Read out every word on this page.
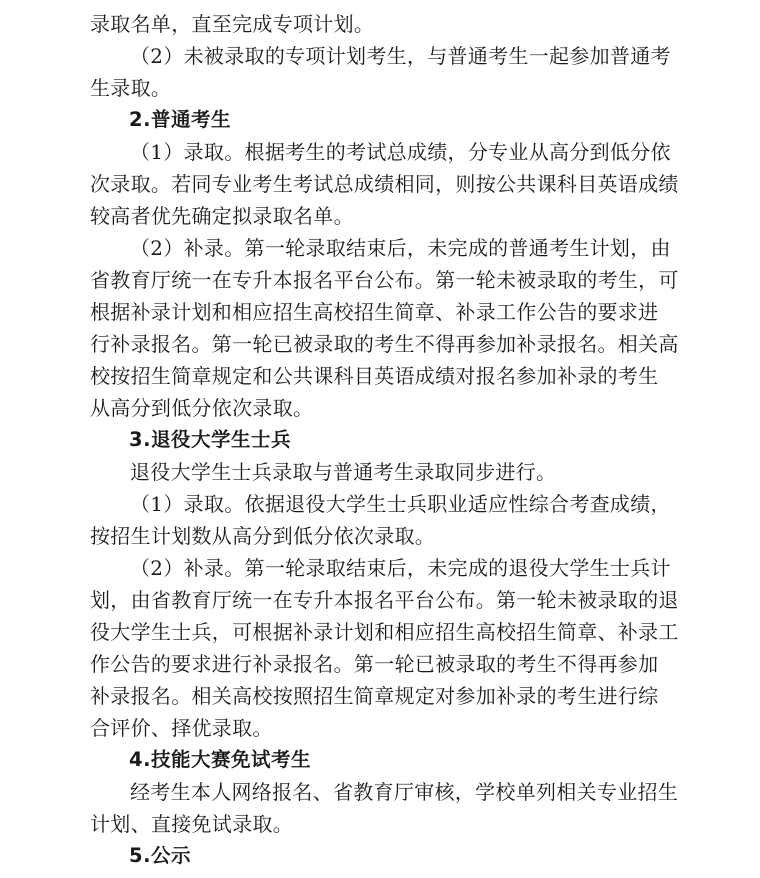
录取名单，直至完成专项计划。
（2）未被录取的专项计划考生，与普通考生一起参加普通考
生录取。
2.普通考生
（1）录取。根据考生的考试总成绩，分专业从高分到低分依
次录取。若同专业考生考试总成绩相同，则按公共课科目英语成绩
较高者优先确定拟录取名单。
（2）补录。第一轮录取结束后，未完成的普通考生计划，由
省教育厅统一在专升本报名平台公布。第一轮未被录取的考生，可
根据补录计划和相应招生高校招生简章、补录工作公告的要求进
行补录报名。第一轮已被录取的考生不得再参加补录报名。相关高
校按招生简章规定和公共课科目英语成绩对报名参加补录的考生
从高分到低分依次录取。
3.退役大学生士兵
退役大学生士兵录取与普通考生录取同步进行。
（1）录取。依据退役大学生士兵职业适应性综合考查成绩，
按招生计划数从高分到低分依次录取。
（2）补录。第一轮录取结束后，未完成的退役大学生士兵计
划，由省教育厅统一在专升本报名平台公布。第一轮未被录取的退
役大学生士兵，可根据补录计划和相应招生高校招生简章、补录工
作公告的要求进行补录报名。第一轮已被录取的考生不得再参加
补录报名。相关高校按照招生简章规定对参加补录的考生进行综
合评价、择优录取。
4.技能大赛免试考生
经考生本人网络报名、省教育厅审核，学校单列相关专业招生
计划、直接免试录取。
5.公示
